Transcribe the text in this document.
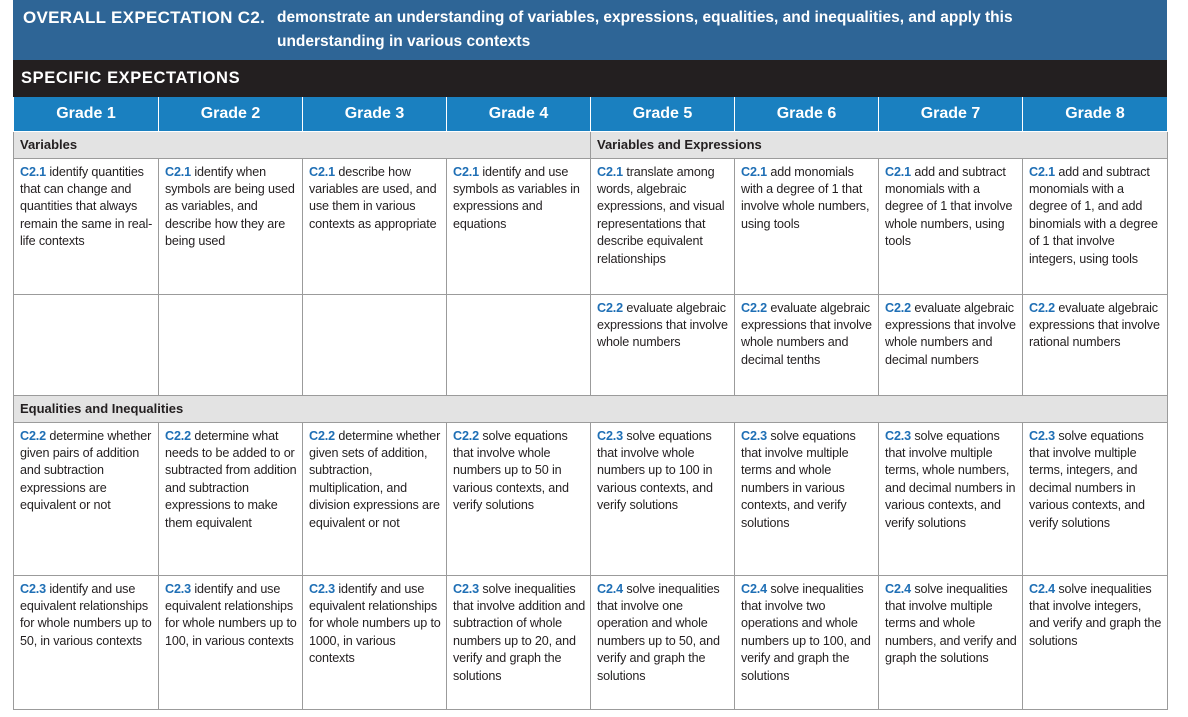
OVERALL EXPECTATION C2. demonstrate an understanding of variables, expressions, equalities, and inequalities, and apply this
understanding in various contexts
SPECIFIC EXPECTATIONS
Grade 1	Grade 2	Grade 3	Grade 4	Grade 5	Grade 6	Grade 7	Grade 8
Variables				Variables and Expressions			
C2.1 identify quantities that can change and quantities that always remain the same in real-life contexts	C2.1 identify when symbols are being used as variables, and describe how they are being used	C2.1 describe how variables are used, and use them in various contexts as appropriate	C2.1 identify and use symbols as variables in expressions and equations	C2.1 translate among words, algebraic expressions, and visual representations that describe equivalent relationships	C2.1 add monomials with a degree of 1 that involve whole numbers, using tools	C2.1 add and subtract monomials with a degree of 1 that involve whole numbers, using tools	C2.1 add and subtract monomials with a degree of 1, and add binomials with a degree of 1 that involve integers, using tools
				C2.2 evaluate algebraic expressions that involve whole numbers	C2.2 evaluate algebraic expressions that involve whole numbers and decimal tenths	C2.2 evaluate algebraic expressions that involve whole numbers and decimal numbers	C2.2 evaluate algebraic expressions that involve rational numbers
Equalities and Inequalities							
C2.2 determine whether given pairs of addition and subtraction expressions are equivalent or not	C2.2 determine what needs to be added to or subtracted from addition and subtraction expressions to make them equivalent	C2.2 determine whether given sets of addition, subtraction, multiplication, and division expressions are equivalent or not	C2.2 solve equations that involve whole numbers up to 50 in various contexts, and verify solutions	C2.3 solve equations that involve whole numbers up to 100 in various contexts, and verify solutions	C2.3 solve equations that involve multiple terms and whole numbers in various contexts, and verify solutions	C2.3 solve equations that involve multiple terms, whole numbers, and decimal numbers in various contexts, and verify solutions	C2.3 solve equations that involve multiple terms, integers, and decimal numbers in various contexts, and verify solutions
C2.3 identify and use equivalent relationships for whole numbers up to 50, in various contexts	C2.3 identify and use equivalent relationships for whole numbers up to 100, in various contexts	C2.3 identify and use equivalent relationships for whole numbers up to 1000, in various contexts	C2.3 solve inequalities that involve addition and subtraction of whole numbers up to 20, and verify and graph the solutions	C2.4 solve inequalities that involve one operation and whole numbers up to 50, and verify and graph the solutions	C2.4 solve inequalities that involve two operations and whole numbers up to 100, and verify and graph the solutions	C2.4 solve inequalities that involve multiple terms and whole numbers, and verify and graph the solutions	C2.4 solve inequalities that involve integers, and verify and graph the solutions
